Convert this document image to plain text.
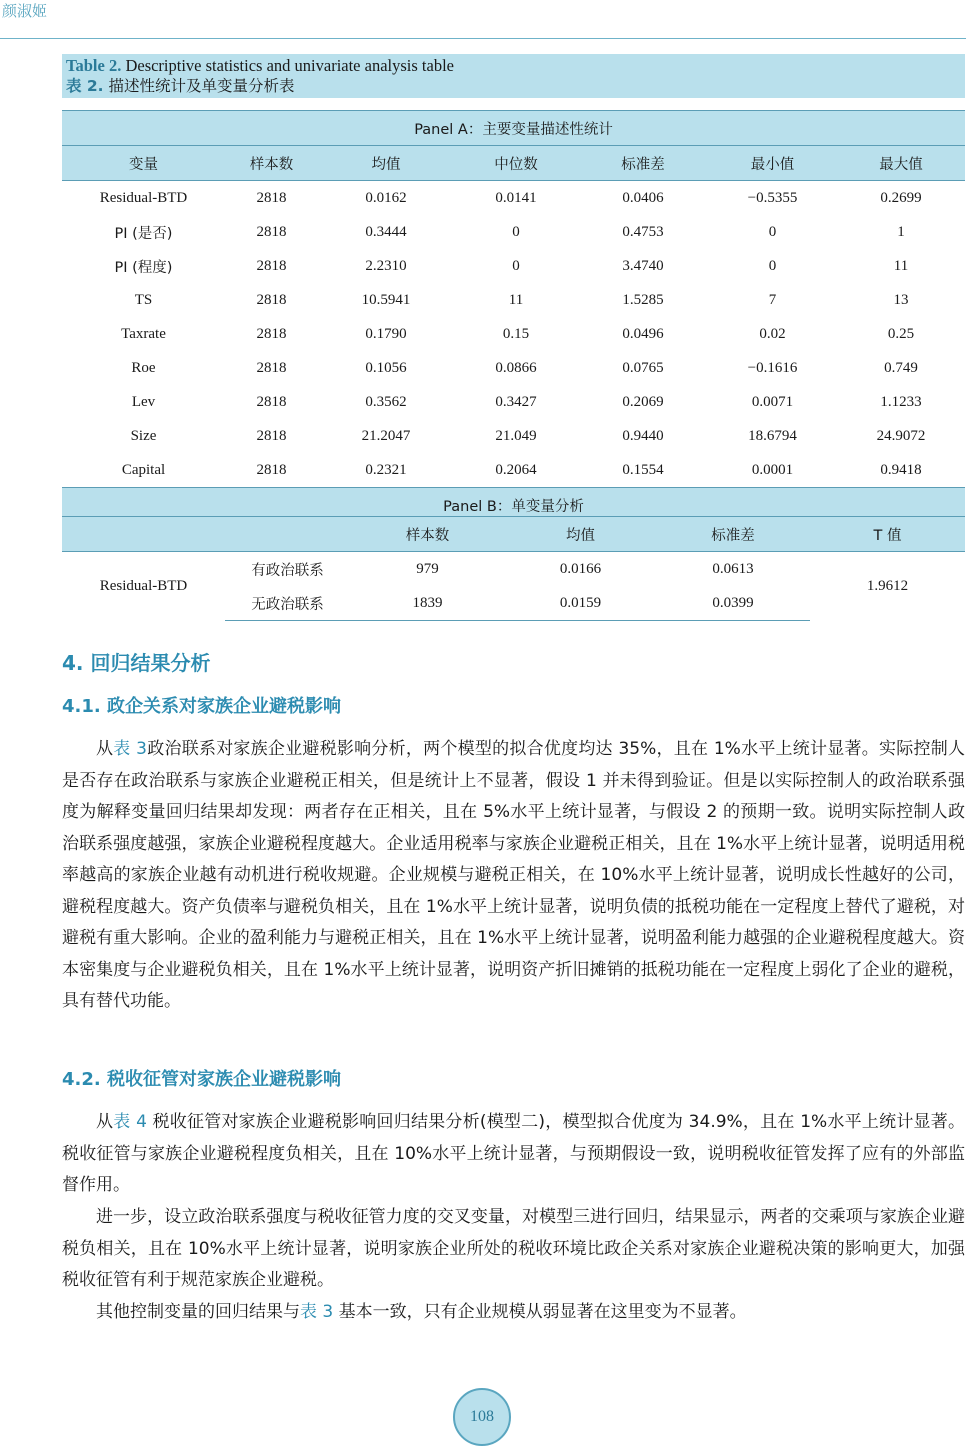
颜淑姬
Table 2. Descriptive statistics and univariate analysis table
表 2. 描述性统计及单变量分析表
Panel A：主要变量描述性统计						
变量	样本数	均值	中位数	标准差	最小值	最大值
Residual-BTD	2818	0.0162	0.0141	0.0406	−0.5355	0.2699
PI (是否)	2818	0.3444	0	0.4753	0	1
PI (程度)	2818	2.2310	0	3.4740	0	11
TS	2818	10.5941	11	1.5285	7	13
Taxrate	2818	0.1790	0.15	0.0496	0.02	0.25
Roe	2818	0.1056	0.0866	0.0765	−0.1616	0.749
Lev	2818	0.3562	0.3427	0.2069	0.0071	1.1233
Size	2818	21.2047	21.049	0.9440	18.6794	24.9072
Capital	2818	0.2321	0.2064	0.1554	0.0001	0.9418
Panel B：单变量分析						
		样本数	均值	标准差	T 值
Residual-BTD	有政治联系	979	0.0166	0.0613	1.9612
	无政治联系	1839	0.0159	0.0399	
4. 回归结果分析
4.1. 政企关系对家族企业避税影响

从表 3政治联系对家族企业避税影响分析，两个模型的拟合优度均达 35%，且在 1%水平上统计显著。实际控制人是否存在政治联系与家族企业避税正相关，但是统计上不显著，假设 1 并未得到验证。但是以实际控制人的政治联系强度为解释变量回归结果却发现：两者存在正相关，且在 5%水平上统计显著，与假设 2 的预期一致。说明实际控制人政治联系强度越强，家族企业避税程度越大。企业适用税率与家族企业避税正相关，且在 1%水平上统计显著，说明适用税率越高的家族企业越有动机进行税收规避。企业规模与避税正相关，在 10%水平上统计显著，说明成长性越好的公司，避税程度越大。资产负债率与避税负相关，且在 1%水平上统计显著，说明负债的抵税功能在一定程度上替代了避税，对避税有重大影响。企业的盈利能力与避税正相关，且在 1%水平上统计显著，说明盈利能力越强的企业避税程度越大。资本密集度与企业避税负相关，且在 1%水平上统计显著，说明资产折旧摊销的抵税功能在一定程度上弱化了企业的避税，具有替代功能。

4.2. 税收征管对家族企业避税影响

从表 4 税收征管对家族企业避税影响回归结果分析(模型二)，模型拟合优度为 34.9%，且在 1%水平上统计显著。税收征管与家族企业避税程度负相关，且在 10%水平上统计显著，与预期假设一致，说明税收征管发挥了应有的外部监督作用。

进一步，设立政治联系强度与税收征管力度的交叉变量，对模型三进行回归，结果显示，两者的交乘项与家族企业避税负相关，且在 10%水平上统计显著，说明家族企业所处的税收环境比政企关系对家族企业避税决策的影响更大，加强税收征管有利于规范家族企业避税。

其他控制变量的回归结果与表 3 基本一致，只有企业规模从弱显著在这里变为不显著。

108
